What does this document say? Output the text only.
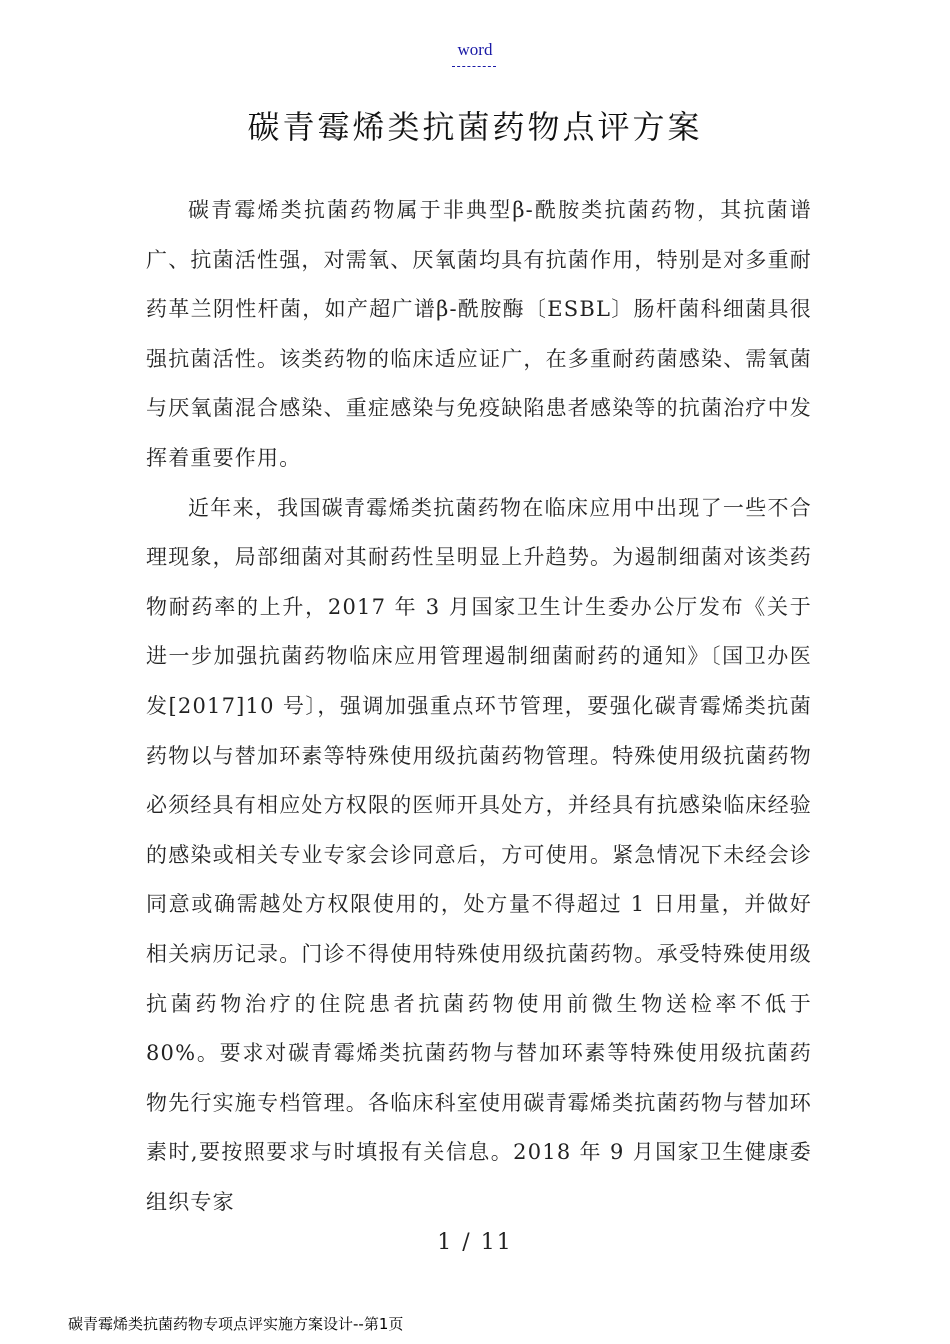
word
碳青霉烯类抗菌药物点评方案

碳青霉烯类抗菌药物属于非典型β-酰胺类抗菌药物，其抗菌谱广、抗菌活性强，对需氧、厌氧菌均具有抗菌作用，特别是对多重耐药革兰阴性杆菌，如产超广谱β-酰胺酶〔ESBL〕肠杆菌科细菌具很强抗菌活性。该类药物的临床适应证广，在多重耐药菌感染、需氧菌与厌氧菌混合感染、重症感染与免疫缺陷患者感染等的抗菌治疗中发挥着重要作用。

近年来，我国碳青霉烯类抗菌药物在临床应用中出现了一些不合理现象，局部细菌对其耐药性呈明显上升趋势。为遏制细菌对该类药物耐药率的上升，2017 年 3 月国家卫生计生委办公厅发布《关于进一步加强抗菌药物临床应用管理遏制细菌耐药的通知》〔国卫办医发[2017]10 号〕，强调加强重点环节管理，要强化碳青霉烯类抗菌药物以与替加环素等特殊使用级抗菌药物管理。特殊使用级抗菌药物必须经具有相应处方权限的医师开具处方，并经具有抗感染临床经验的感染或相关专业专家会诊同意后，方可使用。紧急情况下未经会诊同意或确需越处方权限使用的，处方量不得超过 1 日用量，并做好相关病历记录。门诊不得使用特殊使用级抗菌药物。承受特殊使用级抗菌药物治疗的住院患者抗菌药物使用前微生物送检率不低于 80%。要求对碳青霉烯类抗菌药物与替加环素等特殊使用级抗菌药物先行实施专档管理。各临床科室使用碳青霉烯类抗菌药物与替加环素时,要按照要求与时填报有关信息。2018 年 9 月国家卫生健康委组织专家

1 / 11
碳青霉烯类抗菌药物专项点评实施方案设计--第1页
